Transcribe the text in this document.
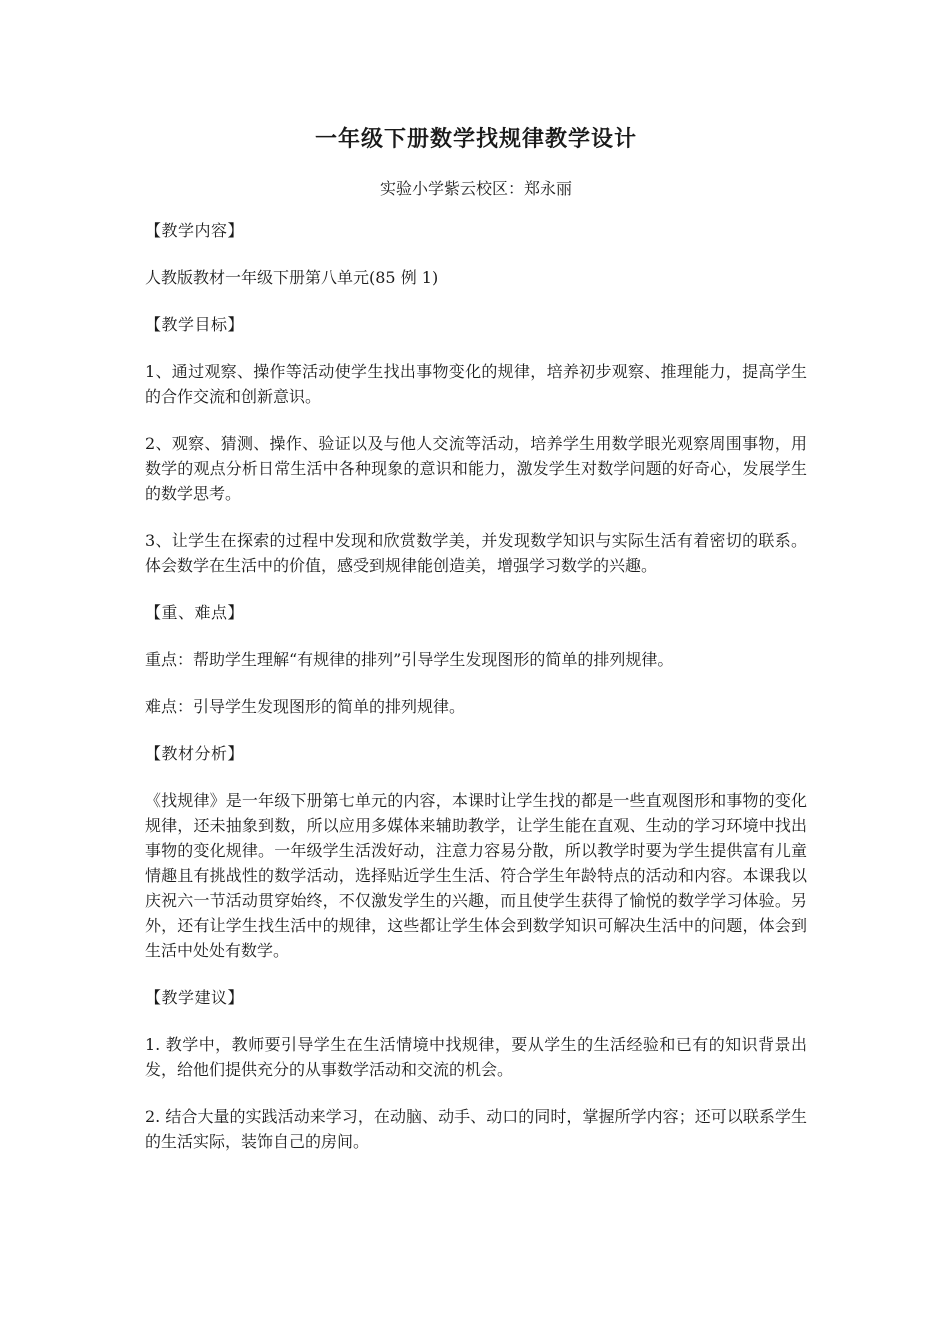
一年级下册数学找规律教学设计
实验小学紫云校区：郑永丽

【教学内容】

人教版教材一年级下册第八单元(85 例 1)

【教学目标】

1、通过观察、操作等活动使学生找出事物变化的规律，培养初步观察、推理能力，提高学生的合作交流和创新意识。

2、观察、猜测、操作、验证以及与他人交流等活动，培养学生用数学眼光观察周围事物，用数学的观点分析日常生活中各种现象的意识和能力，激发学生对数学问题的好奇心，发展学生的数学思考。

3、让学生在探索的过程中发现和欣赏数学美，并发现数学知识与实际生活有着密切的联系。体会数学在生活中的价值，感受到规律能创造美，增强学习数学的兴趣。

【重、难点】

重点：帮助学生理解“有规律的排列”引导学生发现图形的简单的排列规律。

难点：引导学生发现图形的简单的排列规律。

【教材分析】

《找规律》是一年级下册第七单元的内容，本课时让学生找的都是一些直观图形和事物的变化规律，还未抽象到数，所以应用多媒体来辅助教学，让学生能在直观、生动的学习环境中找出事物的变化规律。一年级学生活泼好动，注意力容易分散，所以教学时要为学生提供富有儿童情趣且有挑战性的数学活动，选择贴近学生生活、符合学生年龄特点的活动和内容。本课我以庆祝六一节活动贯穿始终，不仅激发学生的兴趣，而且使学生获得了愉悦的数学学习体验。另外，还有让学生找生活中的规律，这些都让学生体会到数学知识可解决生活中的问题，体会到生活中处处有数学。

【教学建议】

1. 教学中，教师要引导学生在生活情境中找规律，要从学生的生活经验和已有的知识背景出发，给他们提供充分的从事数学活动和交流的机会。

2. 结合大量的实践活动来学习，在动脑、动手、动口的同时，掌握所学内容；还可以联系学生的生活实际，装饰自己的房间。
